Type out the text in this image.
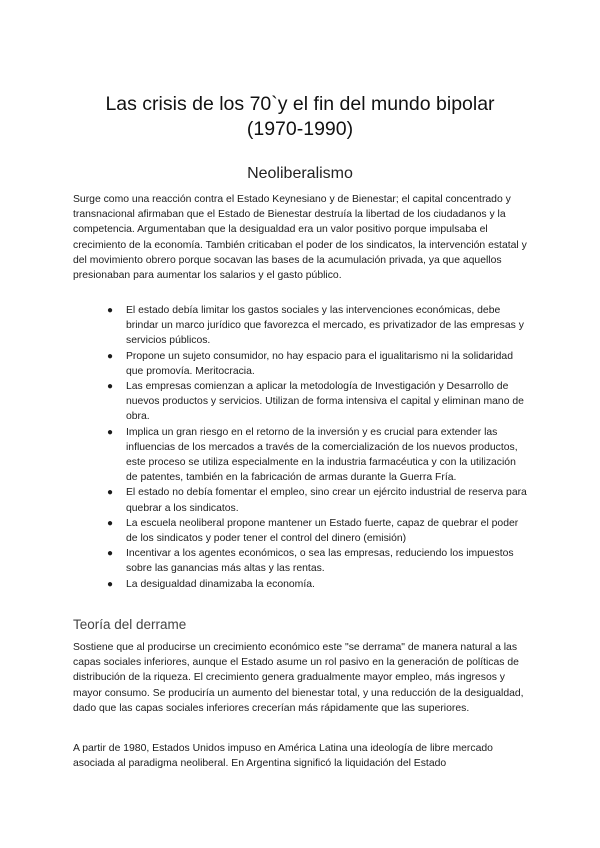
Las crisis de los 70`y el fin del mundo bipolar
(1970-1990)
Neoliberalismo

Surge como una reacción contra el Estado Keynesiano y de Bienestar; el capital concentrado y transnacional afirmaban que el Estado de Bienestar destruía la libertad de los ciudadanos y la competencia. Argumentaban que la desigualdad era un valor positivo porque impulsaba el crecimiento de la economía. También criticaban el poder de los sindicatos, la intervención estatal y del movimiento obrero porque socavan las bases de la acumulación privada, ya que aquellos presionaban para aumentar los salarios y el gasto público.

● El estado debía limitar los gastos sociales y las intervenciones económicas, debe brindar un marco jurídico que favorezca el mercado, es privatizador de las empresas y servicios públicos.
● Propone un sujeto consumidor, no hay espacio para el igualitarismo ni la solidaridad que promovía. Meritocracia.
● Las empresas comienzan a aplicar la metodología de Investigación y Desarrollo de nuevos productos y servicios. Utilizan de forma intensiva el capital y eliminan mano de obra.
● Implica un gran riesgo en el retorno de la inversión y es crucial para extender las influencias de los mercados a través de la comercialización de los nuevos productos, este proceso se utiliza especialmente en la industria farmacéutica y con la utilización de patentes, también en la fabricación de armas durante la Guerra Fría.
● El estado no debía fomentar el empleo, sino crear un ejército industrial de reserva para quebrar a los sindicatos.
● La escuela neoliberal propone mantener un Estado fuerte, capaz de quebrar el poder de los sindicatos y poder tener el control del dinero (emisión)
● Incentivar a los agentes económicos, o sea las empresas, reduciendo los impuestos sobre las ganancias más altas y las rentas.
● La desigualdad dinamizaba la economía.
Teoría del derrame

Sostiene que al producirse un crecimiento económico este "se derrama" de manera natural a las capas sociales inferiores, aunque el Estado asume un rol pasivo en la generación de políticas de distribución de la riqueza. El crecimiento genera gradualmente mayor empleo, más ingresos y mayor consumo. Se produciría un aumento del bienestar total, y una reducción de la desigualdad, dado que las capas sociales inferiores crecerían más rápidamente que las superiores.

A partir de 1980, Estados Unidos impuso en América Latina una ideología de libre mercado asociada al paradigma neoliberal. En Argentina significó la liquidación del Estado
